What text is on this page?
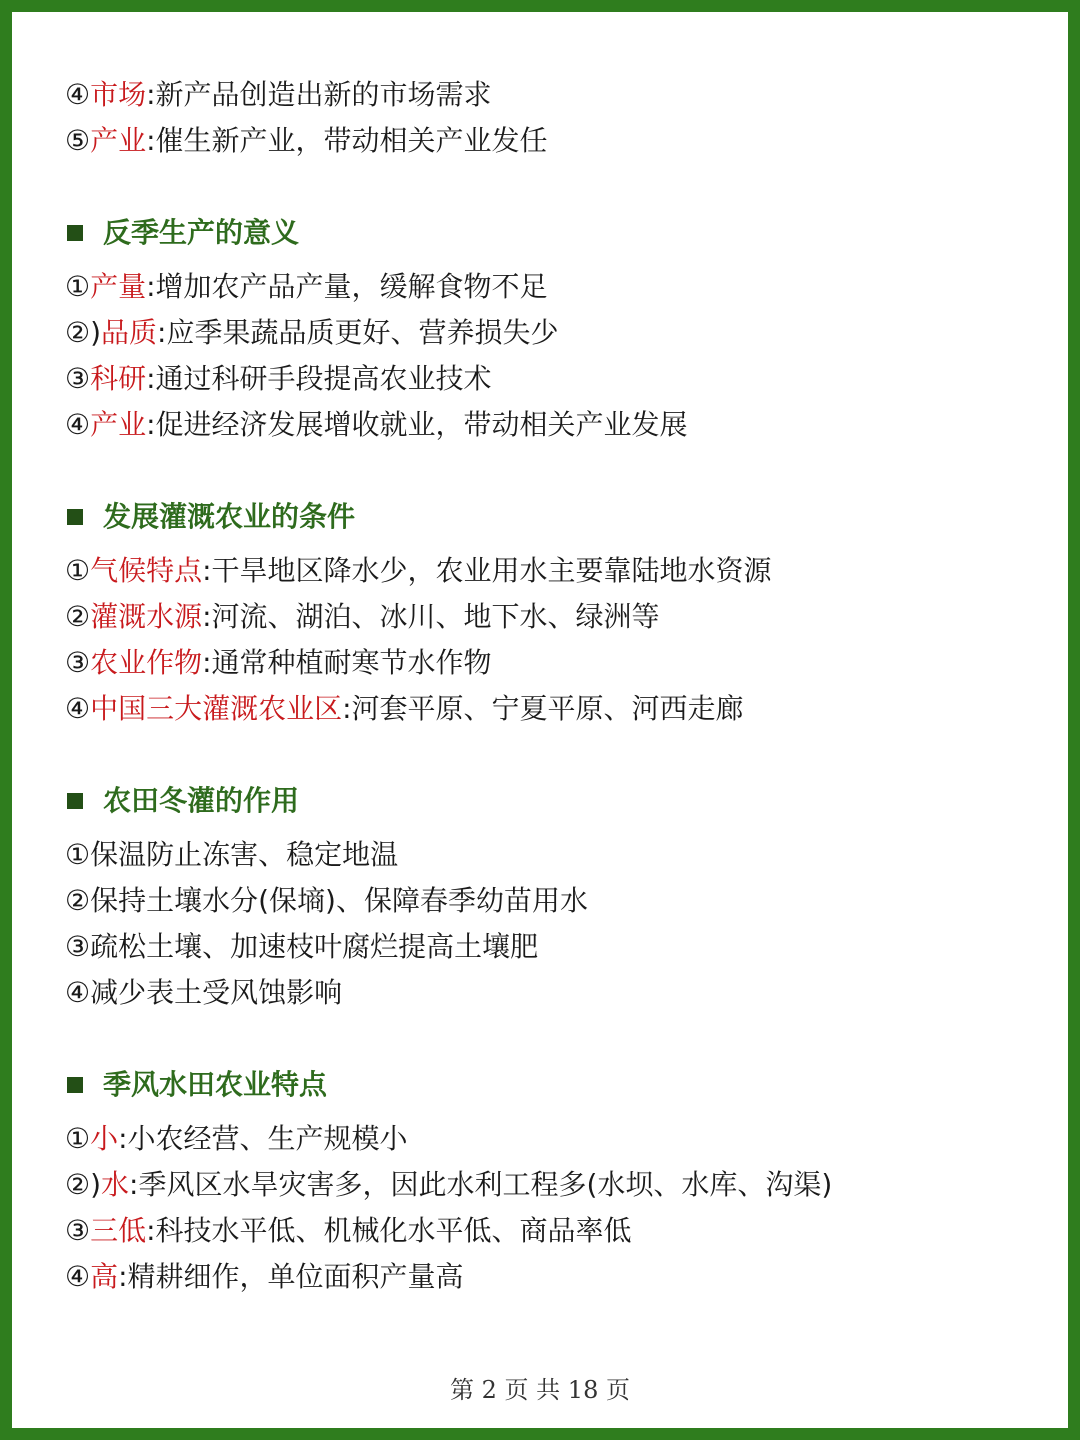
④市场:新产品创造出新的市场需求
⑤产业:催生新产业，带动相关产业发任
反季生产的意义
①产量:增加农产品产量，缓解食物不足
②)品质:应季果蔬品质更好、营养损失少
③科研:通过科研手段提高农业技术
④产业:促进经济发展增收就业，带动相关产业发展
发展灌溉农业的条件
①气候特点:干旱地区降水少，农业用水主要靠陆地水资源
②灌溉水源:河流、湖泊、冰川、地下水、绿洲等
③农业作物:通常种植耐寒节水作物
④中国三大灌溉农业区:河套平原、宁夏平原、河西走廊
农田冬灌的作用
①保温防止冻害、稳定地温
②保持土壤水分(保墒)、保障春季幼苗用水
③疏松土壤、加速枝叶腐烂提高土壤肥
④减少表土受风蚀影响
季风水田农业特点
①小:小农经营、生产规模小
②)水:季风区水旱灾害多，因此水利工程多(水坝、水库、沟渠)
③三低:科技水平低、机械化水平低、商品率低
④高:精耕细作，单位面积产量高
第 2 页 共 18 页
